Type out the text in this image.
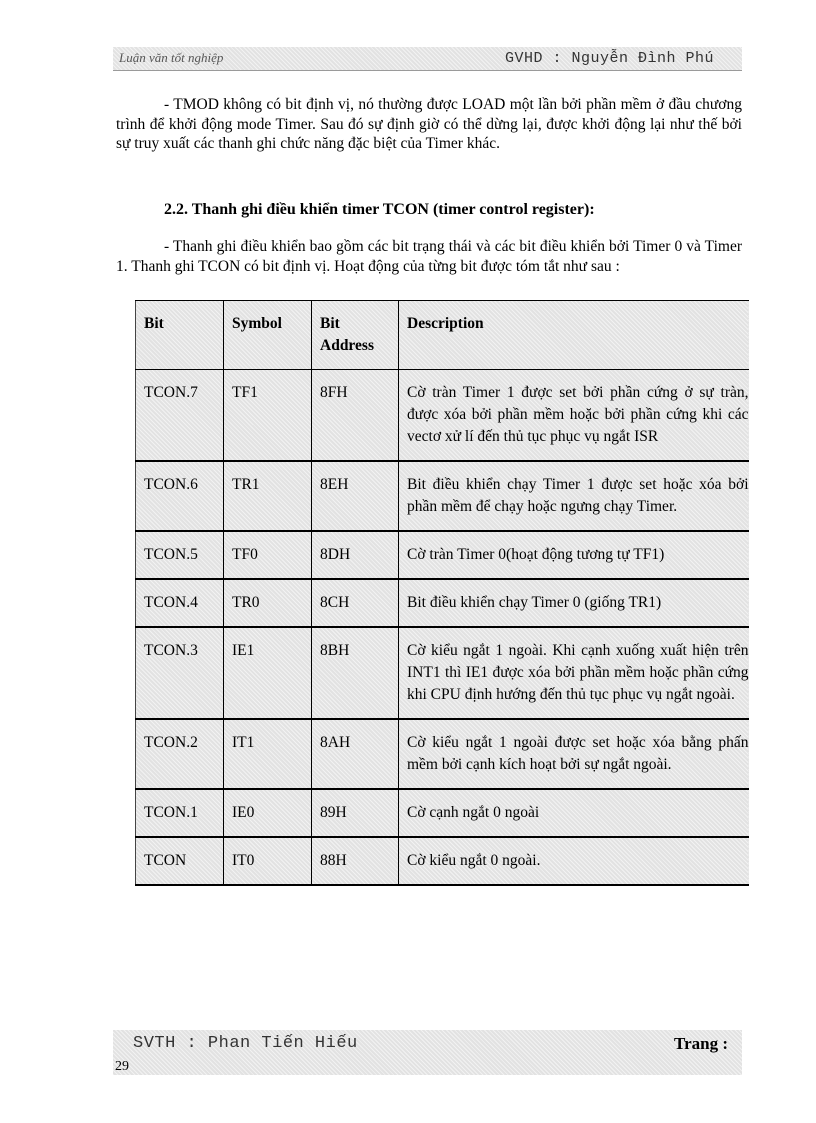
Luận văn tốt nghiệp	GVHD : Nguyễn Đình Phú

- TMOD không có bit định vị, nó thường được LOAD một lần bởi phần mềm ở đầu chương trình để khởi động mode Timer. Sau đó sự định giờ có thể dừng lại, được khởi động lại như thế bởi sự truy xuất các thanh ghi chức năng đặc biệt của Timer khác.

2.2. Thanh ghi điều khiển timer TCON (timer control register):

- Thanh ghi điều khiển bao gồm các bit trạng thái và các bit điều khiển bởi Timer 0 và Timer 1. Thanh ghi TCON có bit định vị. Hoạt động của từng bit được tóm tắt như sau :

Bit	Symbol	Bit Address	Description
TCON.7	TF1	8FH	Cờ tràn Timer 1 được set bởi phần cứng ở sự tràn, được xóa bởi phần mềm hoặc bởi phần cứng khi các vectơ xử lí đến thủ tục phục vụ ngắt ISR
TCON.6	TR1	8EH	Bit điều khiển chạy Timer 1 được set hoặc xóa bởi phần mềm để chạy hoặc ngưng chạy Timer.
TCON.5	TF0	8DH	Cờ tràn Timer 0(hoạt động tương tự TF1)
TCON.4	TR0	8CH	Bit điều khiển chạy Timer 0 (giống TR1)
TCON.3	IE1	8BH	Cờ kiểu ngắt 1 ngoài. Khi cạnh xuống xuất hiện trên INT1 thì IE1 được xóa bởi phần mềm hoặc phần cứng khi CPU định hướng đến thủ tục phục vụ ngắt ngoài.
TCON.2	IT1	8AH	Cờ kiểu ngắt 1 ngoài được set hoặc xóa bằng phấn mềm bởi cạnh kích hoạt bởi sự ngắt ngoài.
TCON.1	IE0	89H	Cờ cạnh ngắt 0 ngoài
TCON	IT0	88H	Cờ kiểu ngắt 0 ngoài.
SVTH : Phan Tiến Hiếu	Trang :
29
